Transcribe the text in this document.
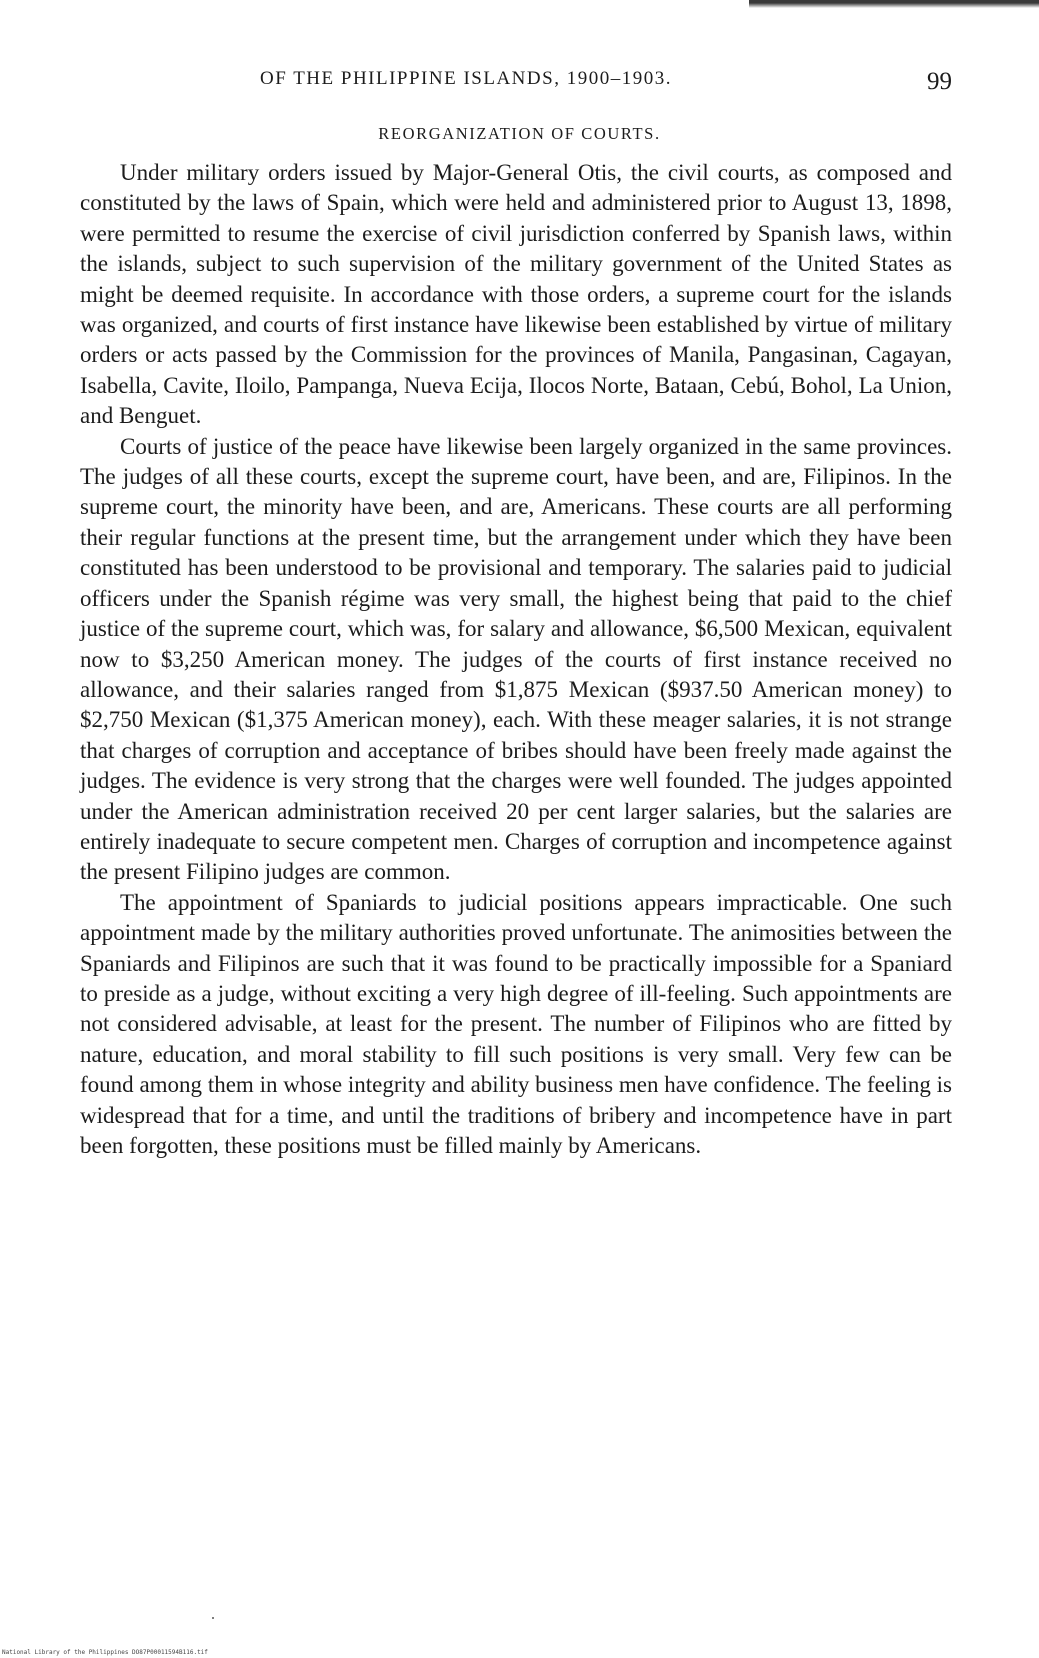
OF THE PHILIPPINE ISLANDS, 1900–1903.	99
REORGANIZATION OF COURTS.

Under military orders issued by Major-General Otis, the civil courts, as composed and constituted by the laws of Spain, which were held and administered prior to August 13, 1898, were permitted to resume the exercise of civil jurisdiction conferred by Spanish laws, within the islands, subject to such supervision of the military government of the United States as might be deemed requisite. In accordance with those orders, a supreme court for the islands was organized, and courts of first instance have likewise been established by virtue of military orders or acts passed by the Commission for the provinces of Manila, Pangasinan, Cagayan, Isabella, Cavite, Iloilo, Pampanga, Nueva Ecija, Ilocos Norte, Bataan, Cebú, Bohol, La Union, and Benguet.

Courts of justice of the peace have likewise been largely organized in the same provinces. The judges of all these courts, except the supreme court, have been, and are, Filipinos. In the supreme court, the minority have been, and are, Americans. These courts are all performing their regular functions at the present time, but the arrangement under which they have been constituted has been understood to be provisional and temporary. The salaries paid to judicial officers under the Spanish régime was very small, the highest being that paid to the chief justice of the supreme court, which was, for salary and allowance, $6,500 Mexican, equivalent now to $3,250 American money. The judges of the courts of first instance received no allowance, and their salaries ranged from $1,875 Mexican ($937.50 American money) to $2,750 Mexican ($1,375 American money), each. With these meager salaries, it is not strange that charges of corruption and acceptance of bribes should have been freely made against the judges. The evidence is very strong that the charges were well founded. The judges appointed under the American administration received 20 per cent larger salaries, but the salaries are entirely inadequate to secure competent men. Charges of corruption and incompetence against the present Filipino judges are common.

The appointment of Spaniards to judicial positions appears impracticable. One such appointment made by the military authorities proved unfortunate. The animosities between the Spaniards and Filipinos are such that it was found to be practically impossible for a Spaniard to preside as a judge, without exciting a very high degree of ill-feeling. Such appointments are not considered advisable, at least for the present. The number of Filipinos who are fitted by nature, education, and moral stability to fill such positions is very small. Very few can be found among them in whose integrity and ability business men have confidence. The feeling is widespread that for a time, and until the traditions of bribery and incompetence have in part been forgotten, these positions must be filled mainly by Americans.

National Library of the Philippines DO87P00011594B116.tif
